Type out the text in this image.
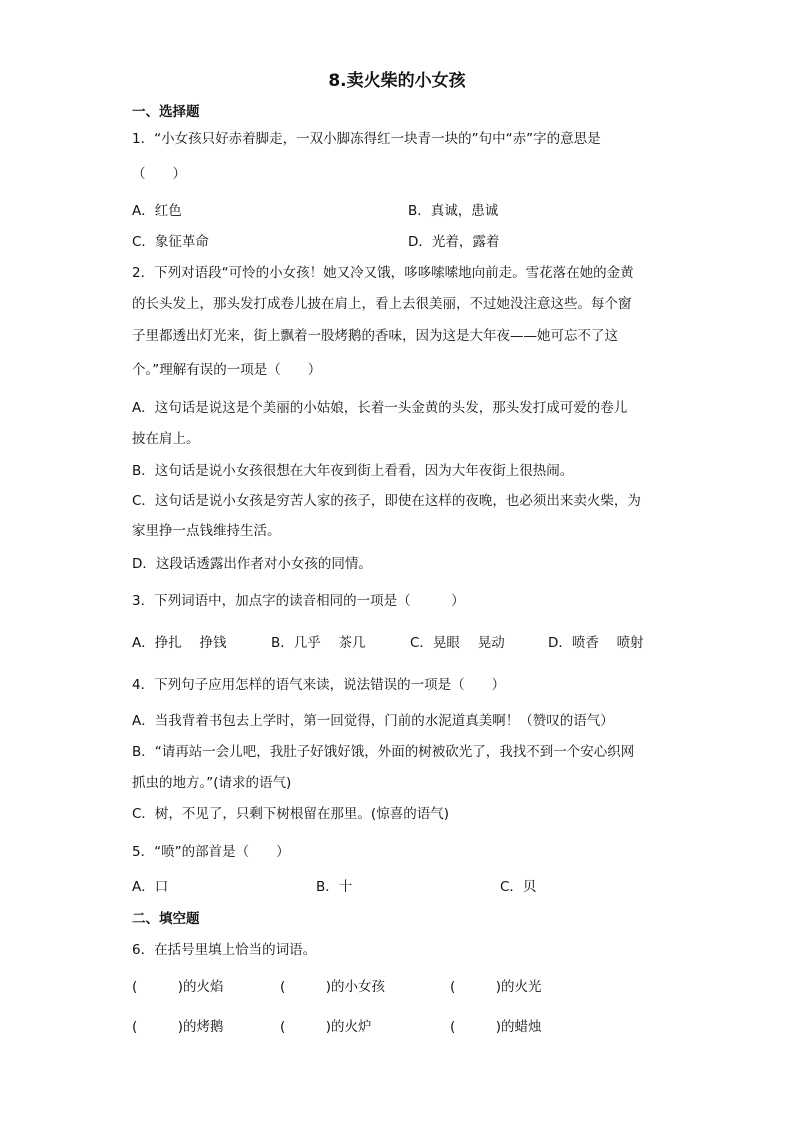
8.卖火柴的小女孩
一、选择题
1．“小女孩只好赤着脚走，一双小脚冻得红一块青一块的”句中“赤”字的意思是
（　　）
A．红色	B．真诚，患诚
C．象征革命	D．光着，露着
2．下列对语段“可怜的小女孩！她又冷又饿，哆哆嗦嗦地向前走。雪花落在她的金黄
的长头发上，那头发打成卷儿披在肩上，看上去很美丽，不过她没注意这些。每个窗
子里都透出灯光来，街上飘着一股烤鹅的香味，因为这是大年夜——她可忘不了这
个。”理解有误的一项是（　　）
A．这句话是说这是个美丽的小姑娘，长着一头金黄的头发，那头发打成可爱的卷儿
披在肩上。
B．这句话是说小女孩很想在大年夜到街上看看，因为大年夜街上很热闹。
C．这句话是说小女孩是穷苦人家的孩子，即使在这样的夜晚，也必须出来卖火柴，为
家里挣一点钱维持生活。
D．这段话透露出作者对小女孩的同情。
3．下列词语中，加点字的读音相同的一项是（　　　）
A．挣扎　 挣钱	B．几乎　 茶几	C．晃眼　 晃动	D．喷香　 喷射
4．下列句子应用怎样的语气来读，说法错误的一项是（　　）
A．当我背着书包去上学时，第一回觉得，门前的水泥道真美啊！（赞叹的语气）
B．“请再站一会儿吧，我肚子好饿好饿，外面的树被砍光了，我找不到一个安心织网
抓虫的地方。”(请求的语气)
C．树，不见了，只剩下树根留在那里。(惊喜的语气)
5．“喷”的部首是（　　）
A．口	B．十	C．贝
二、填空题
6．在括号里填上恰当的词语。
(　　　)的火焰	(　　　)的小女孩	(　　　)的火光
(　　　)的烤鹅	(　　　)的火炉	(　　　)的蜡烛
